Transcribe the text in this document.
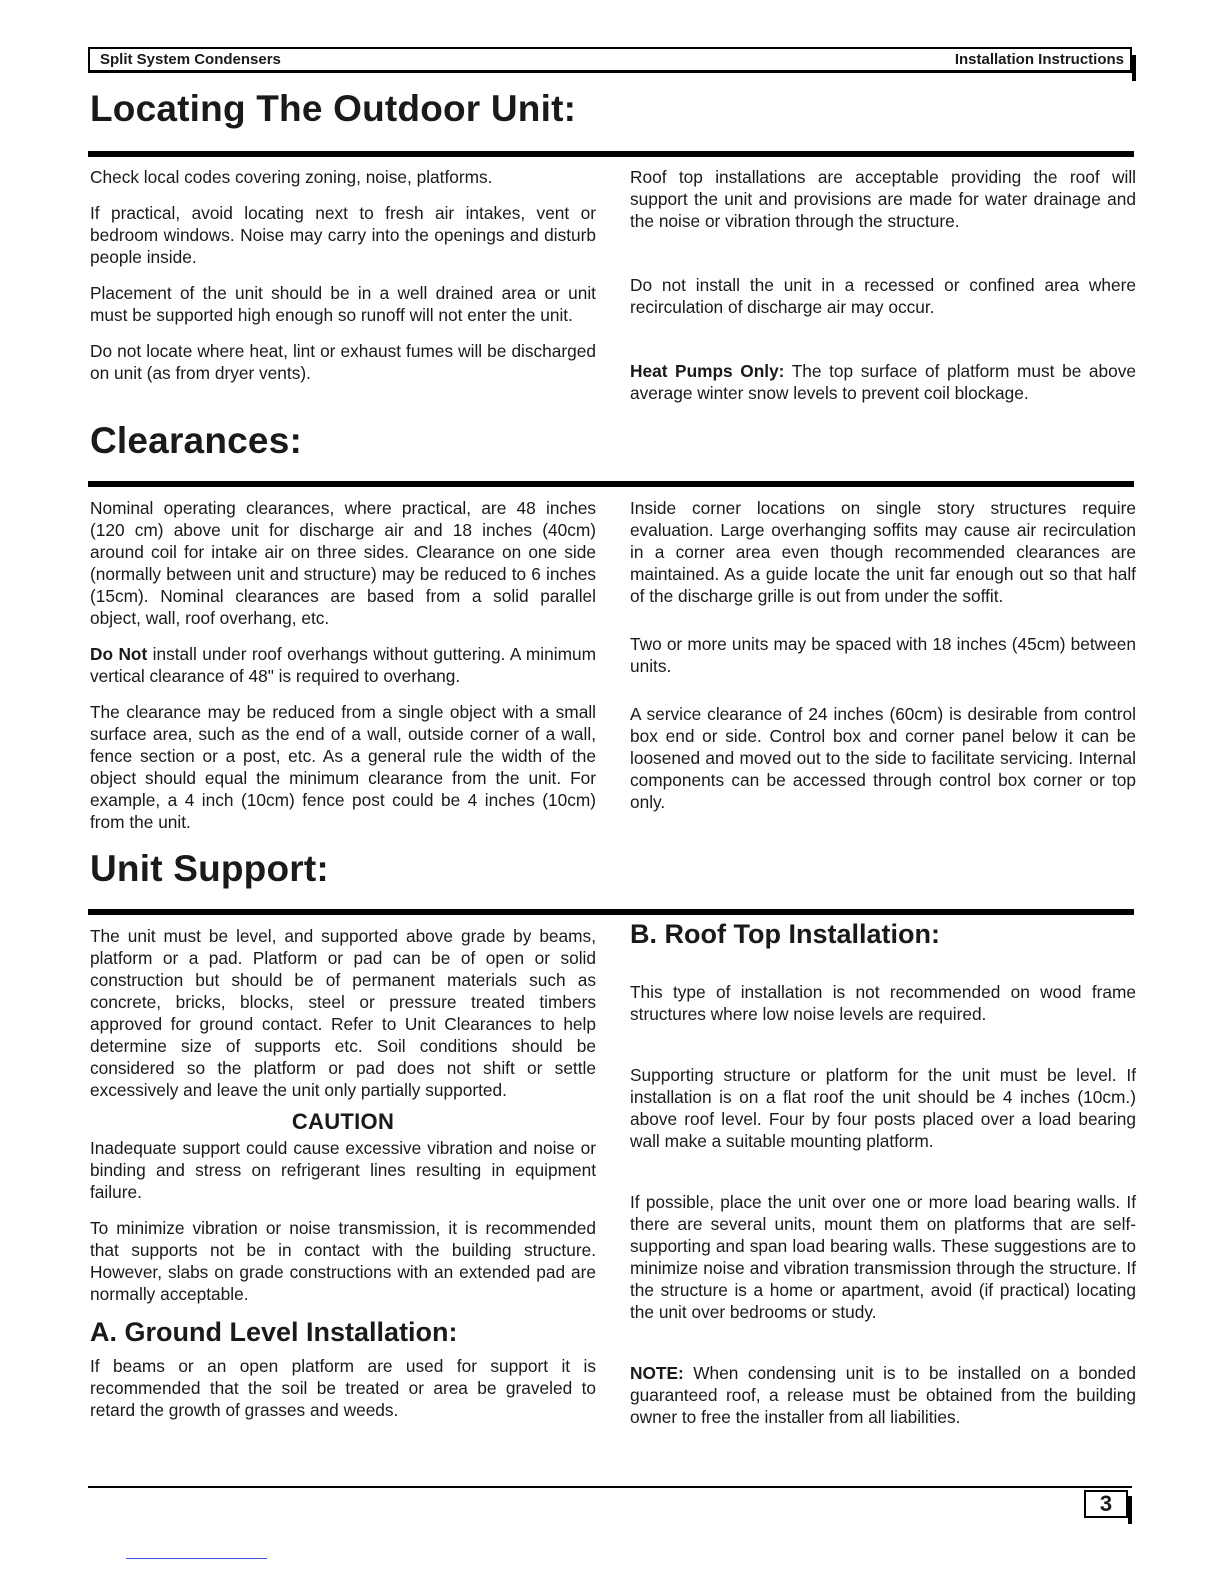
Split System Condensers	Installation Instructions
Locating The Outdoor Unit:

Check local codes covering zoning, noise, platforms.

If practical, avoid locating next to fresh air intakes, vent or bedroom windows. Noise may carry into the openings and disturb people inside.

Placement of the unit should be in a well drained area or unit must be supported high enough so runoff will not enter the unit.

Do not locate where heat, lint or exhaust fumes will be discharged on unit (as from dryer vents).

Roof top installations are acceptable providing the roof will support the unit and provisions are made for water drainage and the noise or vibration through the structure.

Do not install the unit in a recessed or confined area where recirculation of discharge air may occur.

Heat Pumps Only: The top surface of platform must be above average winter snow levels to prevent coil blockage.

Clearances:

Nominal operating clearances, where practical, are 48 inches (120 cm) above unit for discharge air and 18 inches (40cm) around coil for intake air on three sides. Clearance on one side (normally between unit and structure) may be reduced to 6 inches (15cm). Nominal clearances are based from a solid parallel object, wall, roof overhang, etc.

Do Not install under roof overhangs without guttering. A minimum vertical clearance of 48" is required to overhang.

The clearance may be reduced from a single object with a small surface area, such as the end of a wall, outside corner of a wall, fence section or a post, etc. As a general rule the width of the object should equal the minimum clearance from the unit. For example, a 4 inch (10cm) fence post could be 4 inches (10cm) from the unit.

Inside corner locations on single story structures require evaluation. Large overhanging soffits may cause air recirculation in a corner area even though recommended clearances are maintained. As a guide locate the unit far enough out so that half of the discharge grille is out from under the soffit.

Two or more units may be spaced with 18 inches (45cm) between units.

A service clearance of 24 inches (60cm) is desirable from control box end or side. Control box and corner panel below it can be loosened and moved out to the side to facilitate servicing. Internal components can be accessed through control box corner or top only.

Unit Support:

The unit must be level, and supported above grade by beams, platform or a pad. Platform or pad can be of open or solid construction but should be of permanent materials such as concrete, bricks, blocks, steel or pressure treated timbers approved for ground contact. Refer to Unit Clearances to help determine size of supports etc. Soil conditions should be considered so the platform or pad does not shift or settle excessively and leave the unit only partially supported.

CAUTION

Inadequate support could cause excessive vibration and noise or binding and stress on refrigerant lines resulting in equipment failure.

To minimize vibration or noise transmission, it is recommended that supports not be in contact with the building structure. However, slabs on grade constructions with an extended pad are normally acceptable.

A. Ground Level Installation:

If beams or an open platform are used for support it is recommended that the soil be treated or area be graveled to retard the growth of grasses and weeds.

B. Roof Top Installation:

This type of installation is not recommended on wood frame structures where low noise levels are required.

Supporting structure or platform for the unit must be level. If installation is on a flat roof the unit should be 4 inches (10cm.) above roof level. Four by four posts placed over a load bearing wall make a suitable mounting platform.

If possible, place the unit over one or more load bearing walls. If there are several units, mount them on platforms that are self-supporting and span load bearing walls. These suggestions are to minimize noise and vibration transmission through the structure. If the structure is a home or apartment, avoid (if practical) locating the unit over bedrooms or study.

NOTE: When condensing unit is to be installed on a bonded guaranteed roof, a release must be obtained from the building owner to free the installer from all liabilities.

3
